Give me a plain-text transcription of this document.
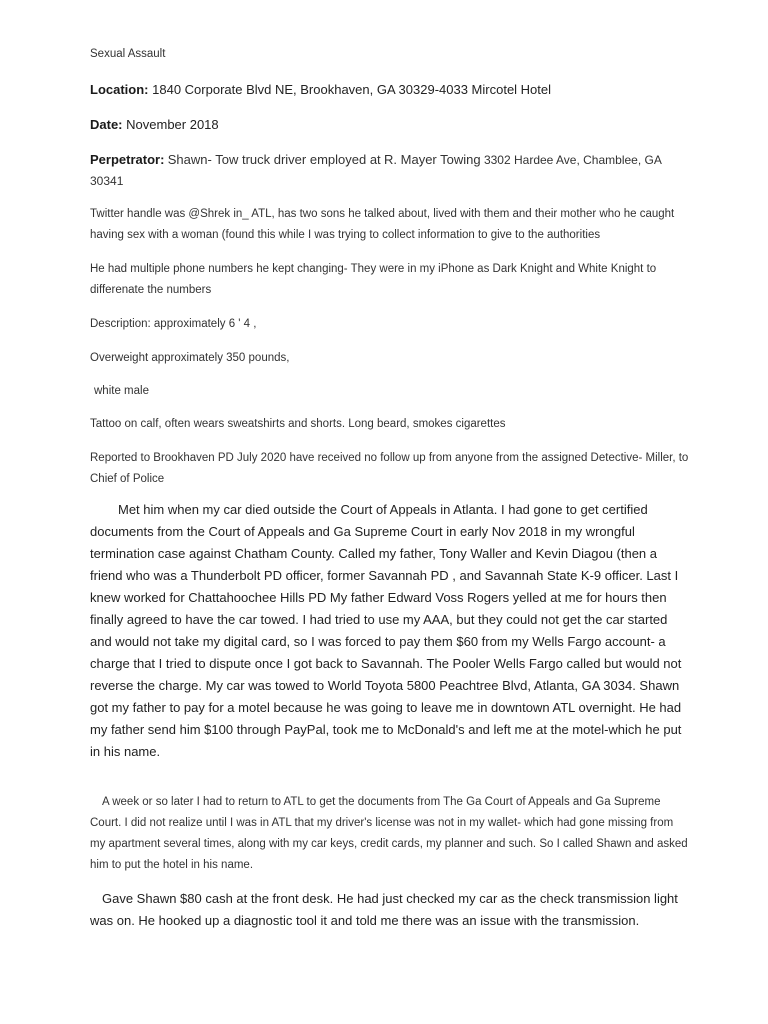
Sexual Assault

Location: 1840 Corporate Blvd NE, Brookhaven, GA 30329-4033 Mircotel Hotel

Date: November 2018

Perpetrator: Shawn- Tow truck driver employed at R. Mayer Towing 3302 Hardee Ave, Chamblee, GA 30341

Twitter handle was @Shrek in_ ATL, has two sons he talked about, lived with them and their mother who he caught having sex with a woman (found this while I was trying to collect information to give to the authorities

He had multiple phone numbers he kept changing- They were in my iPhone as Dark Knight and White Knight to differenate the numbers

Description: approximately 6 ' 4 ,

Overweight approximately 350 pounds,

white male

Tattoo on calf, often wears sweatshirts and shorts. Long beard, smokes cigarettes

Reported to Brookhaven PD July 2020 have received no follow up from anyone from the assigned Detective- Miller, to Chief of Police

Met him when my car died outside the Court of Appeals in Atlanta. I had gone to get certified documents from the Court of Appeals and Ga Supreme Court in early Nov 2018 in my wrongful termination case against Chatham County. Called my father, Tony Waller and Kevin Diagou (then a friend who was a Thunderbolt PD officer, former Savannah PD , and Savannah State K-9 officer. Last I knew worked for Chattahoochee Hills PD My father Edward Voss Rogers yelled at me for hours then finally agreed to have the car towed. I had tried to use my AAA, but they could not get the car started and would not take my digital card, so I was forced to pay them $60 from my Wells Fargo account- a charge that I tried to dispute once I got back to Savannah. The Pooler Wells Fargo called but would not reverse the charge. My car was towed to World Toyota 5800 Peachtree Blvd, Atlanta, GA 3034. Shawn got my father to pay for a motel because he was going to leave me in downtown ATL overnight. He had my father send him $100 through PayPal, took me to McDonald's and left me at the motel-which he put in his name.

A week or so later I had to return to ATL to get the documents from The Ga Court of Appeals and Ga Supreme Court. I did not realize until I was in ATL that my driver's license was not in my wallet- which had gone missing from my apartment several times, along with my car keys, credit cards, my planner and such. So I called Shawn and asked him to put the hotel in his name.

Gave Shawn $80 cash at the front desk. He had just checked my car as the check transmission light was on. He hooked up a diagnostic tool it and told me there was an issue with the transmission.
